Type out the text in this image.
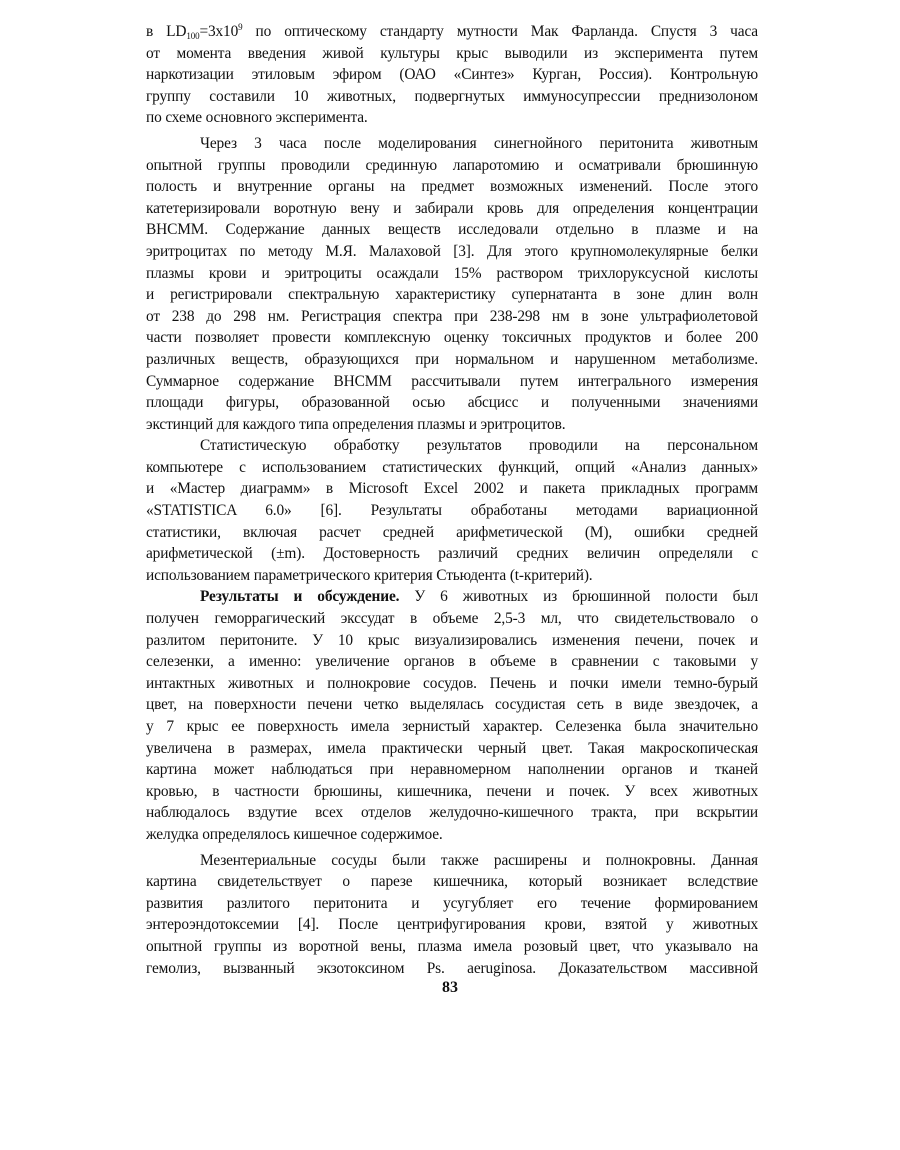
в $LD_{100}=3x10^9$ по оптическому стандарту мутности Мак Фарланда. Спустя 3 часа
от момента введения живой культуры крыс выводили из эксперимента путем
наркотизации этиловым эфиром (ОАО «Синтез» Курган, Россия). Контрольную
группу составили 10 животных, подвергнутых иммуносупрессии преднизолоном
по схеме основного эксперимента.
Через 3 часа после моделирования синегнойного перитонита животным
опытной группы проводили срединную лапаротомию и осматривали брюшинную
полость и внутренние органы на предмет возможных изменений. После этого
катетеризировали воротную вену и забирали кровь для определения концентрации
ВНСММ. Содержание данных веществ исследовали отдельно в плазме и на
эритроцитах по методу М.Я. Малаховой [3]. Для этого крупномолекулярные белки
плазмы крови и эритроциты осаждали 15% раствором трихлоруксусной кислоты
и регистрировали спектральную характеристику супернатанта в зоне длин волн
от 238 до 298 нм. Регистрация спектра при 238-298 нм в зоне ультрафиолетовой
части позволяет провести комплексную оценку токсичных продуктов и более 200
различных веществ, образующихся при нормальном и нарушенном метаболизме.
Суммарное содержание ВНСММ рассчитывали путем интегрального измерения
площади фигуры, образованной осью абсцисс и полученными значениями
экстинций для каждого типа определения плазмы и эритроцитов.
Статистическую обработку результатов проводили на персональном
компьютере с использованием статистических функций, опций «Анализ данных»
и «Мастер диаграмм» в Microsoft Excel 2002 и пакета прикладных программ
«STATISTICA 6.0» [6]. Результаты обработаны методами вариационной
статистики, включая расчет средней арифметической (М), ошибки средней
арифметической (±m). Достоверность различий средних величин определяли с
использованием параметрического критерия Стьюдента (t-критерий).
Результаты и обсуждение. У 6 животных из брюшинной полости был
получен геморрагический экссудат в объеме 2,5-3 мл, что свидетельствовало о
разлитом перитоните. У 10 крыс визуализировались изменения печени, почек и
селезенки, а именно: увеличение органов в объеме в сравнении с таковыми у
интактных животных и полнокровие сосудов. Печень и почки имели темно-бурый
цвет, на поверхности печени четко выделялась сосудистая сеть в виде звездочек, а
у 7 крыс ее поверхность имела зернистый характер. Селезенка была значительно
увеличена в размерах, имела практически черный цвет. Такая макроскопическая
картина может наблюдаться при неравномерном наполнении органов и тканей
кровью, в частности брюшины, кишечника, печени и почек. У всех животных
наблюдалось вздутие всех отделов желудочно-кишечного тракта, при вскрытии
желудка определялось кишечное содержимое.
Мезентериальные сосуды были также расширены и полнокровны. Данная
картина свидетельствует о парезе кишечника, который возникает вследствие
развития разлитого перитонита и усугубляет его течение формированием
энтероэндотоксемии [4]. После центрифугирования крови, взятой у животных
опытной группы из воротной вены, плазма имела розовый цвет, что указывало на
гемолиз, вызванный экзотоксином Ps. aeruginosa. Доказательством массивной
83
